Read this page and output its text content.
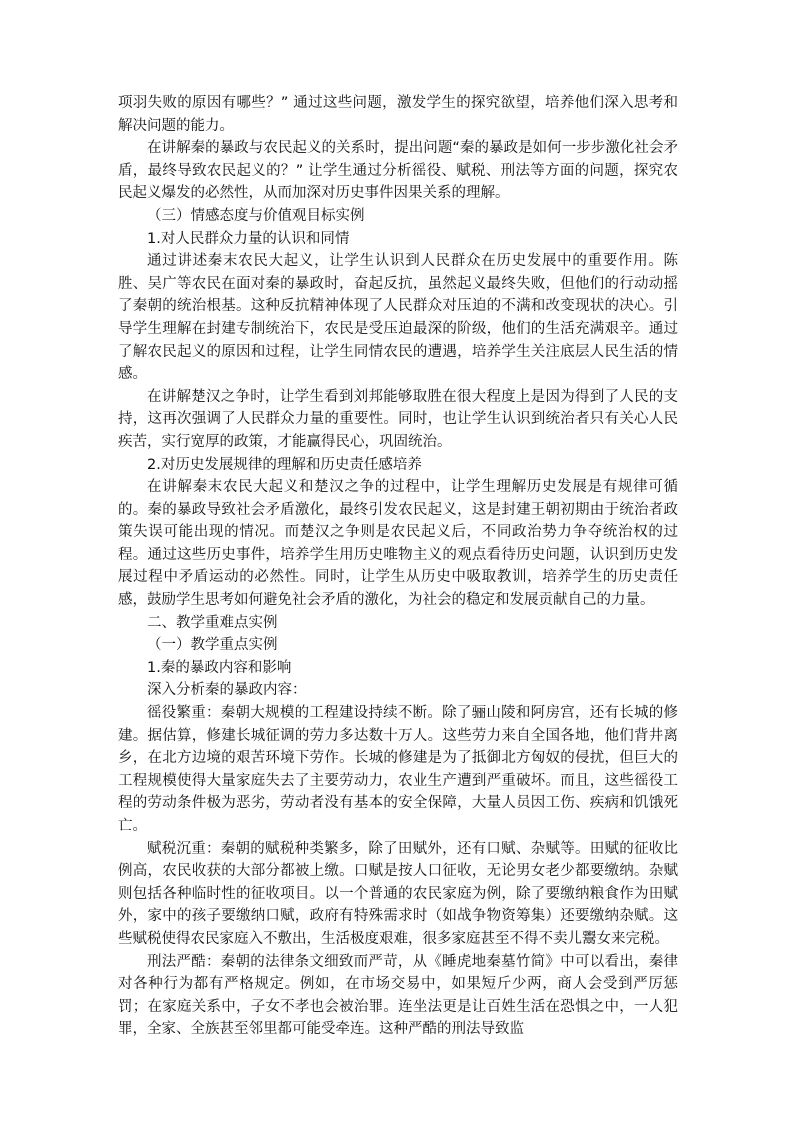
项羽失败的原因有哪些？” 通过这些问题，激发学生的探究欲望，培养他们深入思考和解决问题的能力。

在讲解秦的暴政与农民起义的关系时，提出问题“秦的暴政是如何一步步激化社会矛盾，最终导致农民起义的？” 让学生通过分析徭役、赋税、刑法等方面的问题，探究农民起义爆发的必然性，从而加深对历史事件因果关系的理解。

（三）情感态度与价值观目标实例

1.对人民群众力量的认识和同情

通过讲述秦末农民大起义，让学生认识到人民群众在历史发展中的重要作用。陈胜、吴广等农民在面对秦的暴政时，奋起反抗，虽然起义最终失败，但他们的行动动摇了秦朝的统治根基。这种反抗精神体现了人民群众对压迫的不满和改变现状的决心。引导学生理解在封建专制统治下，农民是受压迫最深的阶级，他们的生活充满艰辛。通过了解农民起义的原因和过程，让学生同情农民的遭遇，培养学生关注底层人民生活的情感。

在讲解楚汉之争时，让学生看到刘邦能够取胜在很大程度上是因为得到了人民的支持，这再次强调了人民群众力量的重要性。同时，也让学生认识到统治者只有关心人民疾苦，实行宽厚的政策，才能赢得民心，巩固统治。

2.对历史发展规律的理解和历史责任感培养

在讲解秦末农民大起义和楚汉之争的过程中，让学生理解历史发展是有规律可循的。秦的暴政导致社会矛盾激化，最终引发农民起义，这是封建王朝初期由于统治者政策失误可能出现的情况。而楚汉之争则是农民起义后，不同政治势力争夺统治权的过程。通过这些历史事件，培养学生用历史唯物主义的观点看待历史问题，认识到历史发展过程中矛盾运动的必然性。同时，让学生从历史中吸取教训，培养学生的历史责任感，鼓励学生思考如何避免社会矛盾的激化，为社会的稳定和发展贡献自己的力量。

二、教学重难点实例

（一）教学重点实例

1.秦的暴政内容和影响

深入分析秦的暴政内容：

徭役繁重：秦朝大规模的工程建设持续不断。除了骊山陵和阿房宫，还有长城的修建。据估算，修建长城征调的劳力多达数十万人。这些劳力来自全国各地，他们背井离乡，在北方边境的艰苦环境下劳作。长城的修建是为了抵御北方匈奴的侵扰，但巨大的工程规模使得大量家庭失去了主要劳动力，农业生产遭到严重破坏。而且，这些徭役工程的劳动条件极为恶劣，劳动者没有基本的安全保障，大量人员因工伤、疾病和饥饿死亡。

赋税沉重：秦朝的赋税种类繁多，除了田赋外，还有口赋、杂赋等。田赋的征收比例高，农民收获的大部分都被上缴。口赋是按人口征收，无论男女老少都要缴纳。杂赋则包括各种临时性的征收项目。以一个普通的农民家庭为例，除了要缴纳粮食作为田赋外，家中的孩子要缴纳口赋，政府有特殊需求时（如战争物资筹集）还要缴纳杂赋。这些赋税使得农民家庭入不敷出，生活极度艰难，很多家庭甚至不得不卖儿鬻女来完税。

刑法严酷：秦朝的法律条文细致而严苛，从《睡虎地秦墓竹简》中可以看出，秦律对各种行为都有严格规定。例如，在市场交易中，如果短斤少两，商人会受到严厉惩罚；在家庭关系中，子女不孝也会被治罪。连坐法更是让百姓生活在恐惧之中，一人犯罪，全家、全族甚至邻里都可能受牵连。这种严酷的刑法导致监
